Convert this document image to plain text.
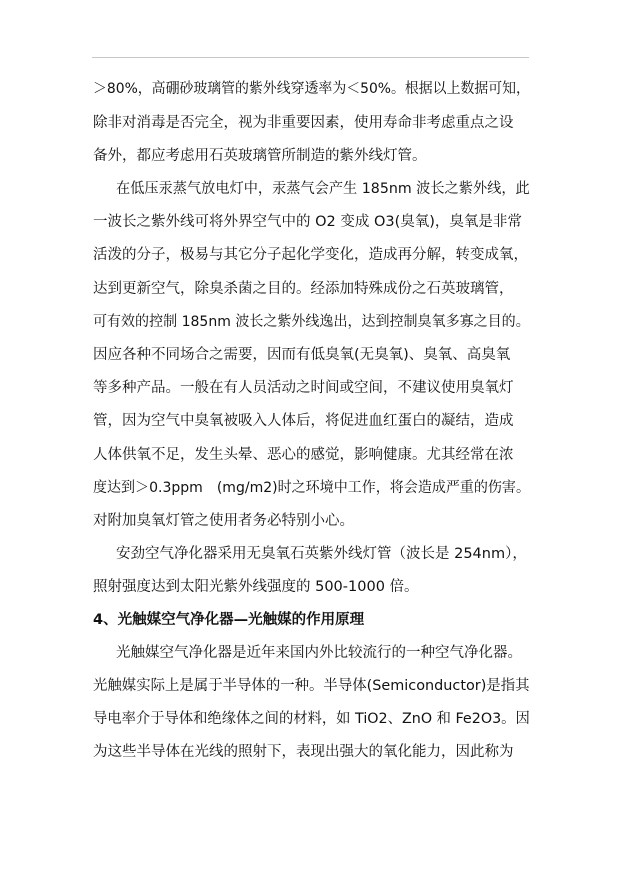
＞80%，高硼砂玻璃管的紫外线穿透率为＜50%。根据以上数据可知，
除非对消毒是否完全，视为非重要因素，使用寿命非考虑重点之设
备外，都应考虑用石英玻璃管所制造的紫外线灯管。
在低压汞蒸气放电灯中，汞蒸气会产生 185nm 波长之紫外线，此
一波长之紫外线可将外界空气中的 O2 变成 O3(臭氧)，臭氧是非常
活泼的分子，极易与其它分子起化学变化，造成再分解，转变成氧，
达到更新空气，除臭杀菌之目的。经添加特殊成份之石英玻璃管，
可有效的控制 185nm 波长之紫外线逸出，达到控制臭氧多寡之目的。
因应各种不同场合之需要，因而有低臭氧(无臭氧)、臭氧、高臭氧
等多种产品。一般在有人员活动之时间或空间，不建议使用臭氧灯
管，因为空气中臭氧被吸入人体后，将促进血红蛋白的凝结，造成
人体供氧不足，发生头晕、恶心的感觉，影响健康。尤其经常在浓
度达到＞0.3ppm　(mg/m2)时之环境中工作，将会造成严重的伤害。
对附加臭氧灯管之使用者务必特别小心。
安劲空气净化器采用无臭氧石英紫外线灯管（波长是 254nm），
照射强度达到太阳光紫外线强度的 500-1000 倍。
4、光触媒空气净化器—光触媒的作用原理
光触媒空气净化器是近年来国内外比较流行的一种空气净化器。
光触媒实际上是属于半导体的一种。半导体(Semiconductor)是指其
导电率介于导体和绝缘体之间的材料，如 TiO2、ZnO 和 Fe2O3。因
为这些半导体在光线的照射下，表现出强大的氧化能力，因此称为
